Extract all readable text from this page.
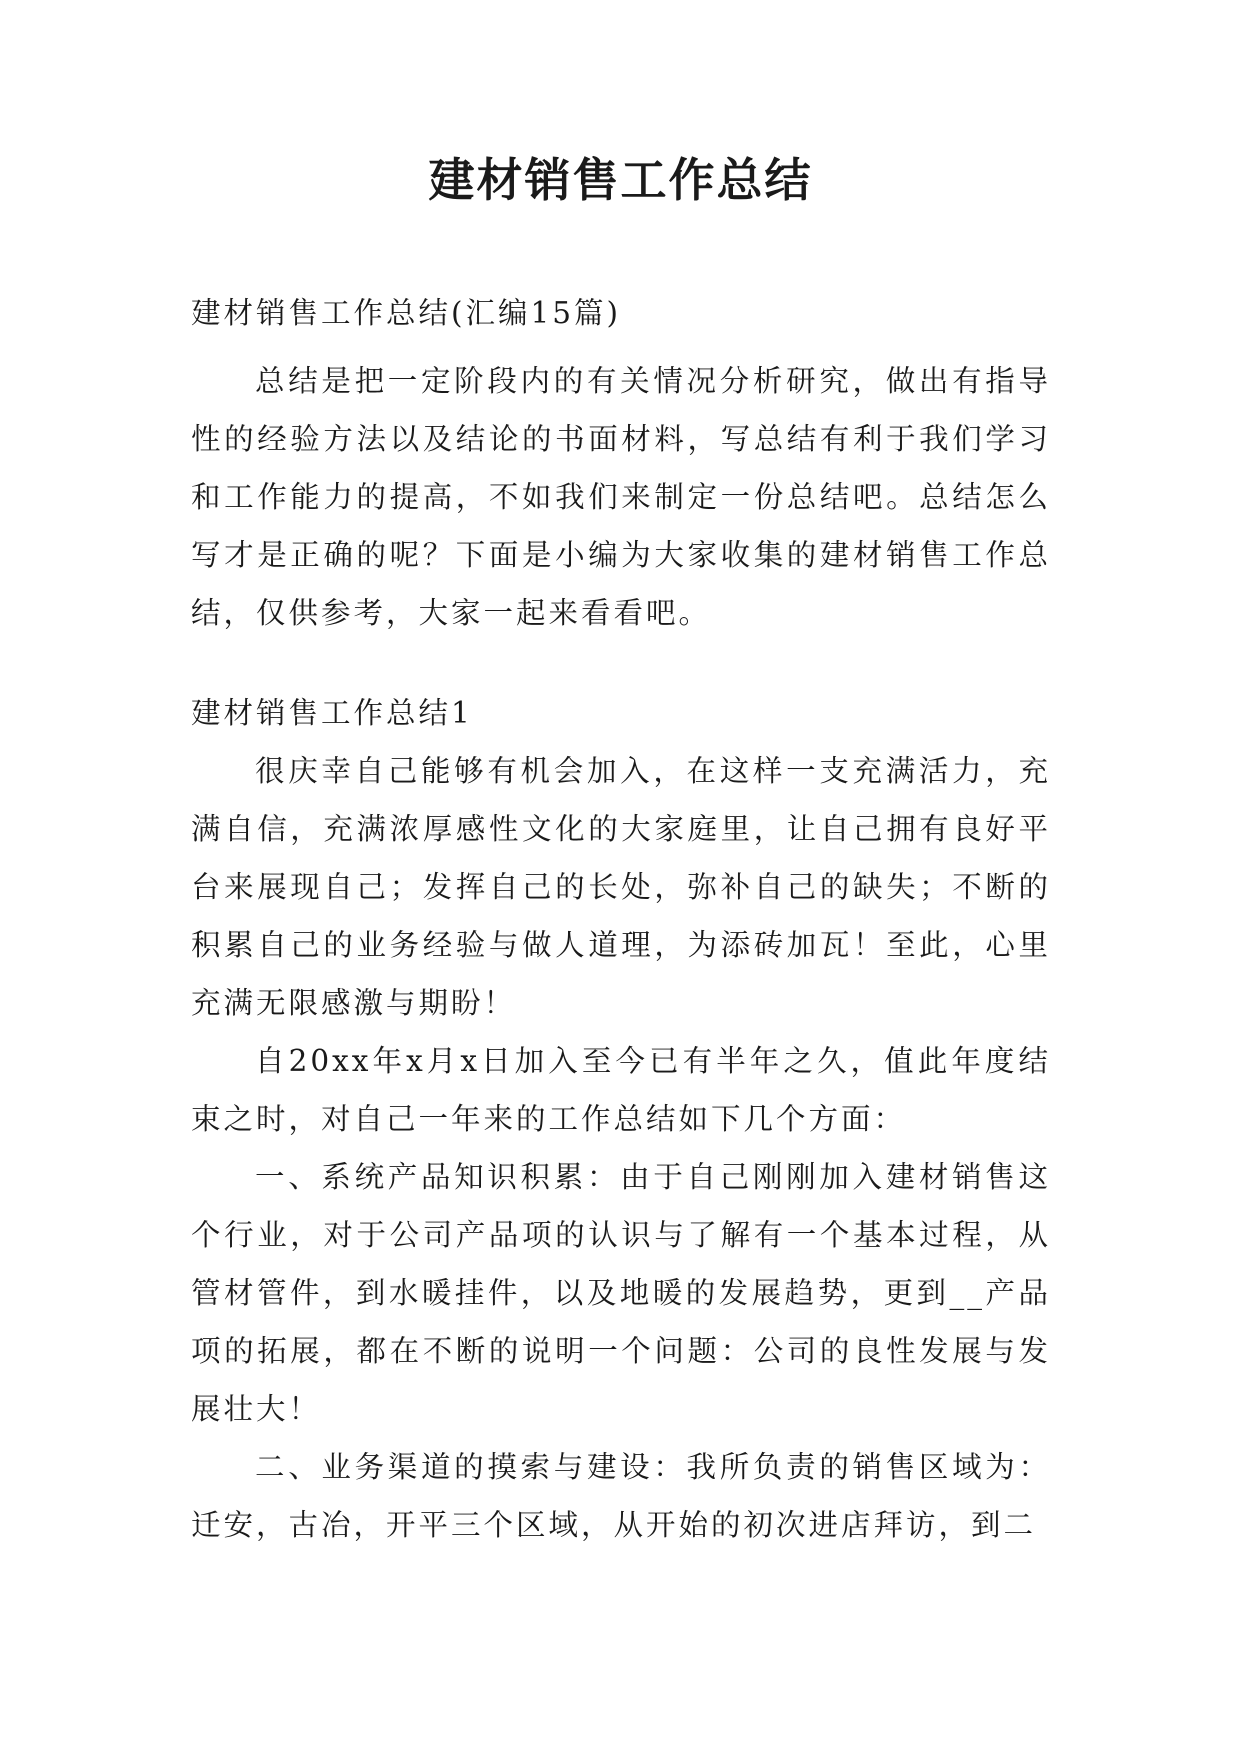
建材销售工作总结

建材销售工作总结(汇编15篇)

总结是把一定阶段内的有关情况分析研究，做出有指导性的经验方法以及结论的书面材料，写总结有利于我们学习和工作能力的提高，不如我们来制定一份总结吧。总结怎么写才是正确的呢？下面是小编为大家收集的建材销售工作总结，仅供参考，大家一起来看看吧。

建材销售工作总结1

很庆幸自己能够有机会加入，在这样一支充满活力，充满自信，充满浓厚感性文化的大家庭里，让自己拥有良好平台来展现自己；发挥自己的长处，弥补自己的缺失；不断的积累自己的业务经验与做人道理，为添砖加瓦！至此，心里充满无限感激与期盼！

自20xx年x月x日加入至今已有半年之久，值此年度结束之时，对自己一年来的工作总结如下几个方面：

一、系统产品知识积累：由于自己刚刚加入建材销售这个行业，对于公司产品项的认识与了解有一个基本过程，从管材管件，到水暖挂件，以及地暖的发展趋势，更到__产品项的拓展，都在不断的说明一个问题：公司的良性发展与发展壮大！

二、业务渠道的摸索与建设：我所负责的销售区域为：迁安，古冶，开平三个区域，从开始的初次进店拜访，到二
